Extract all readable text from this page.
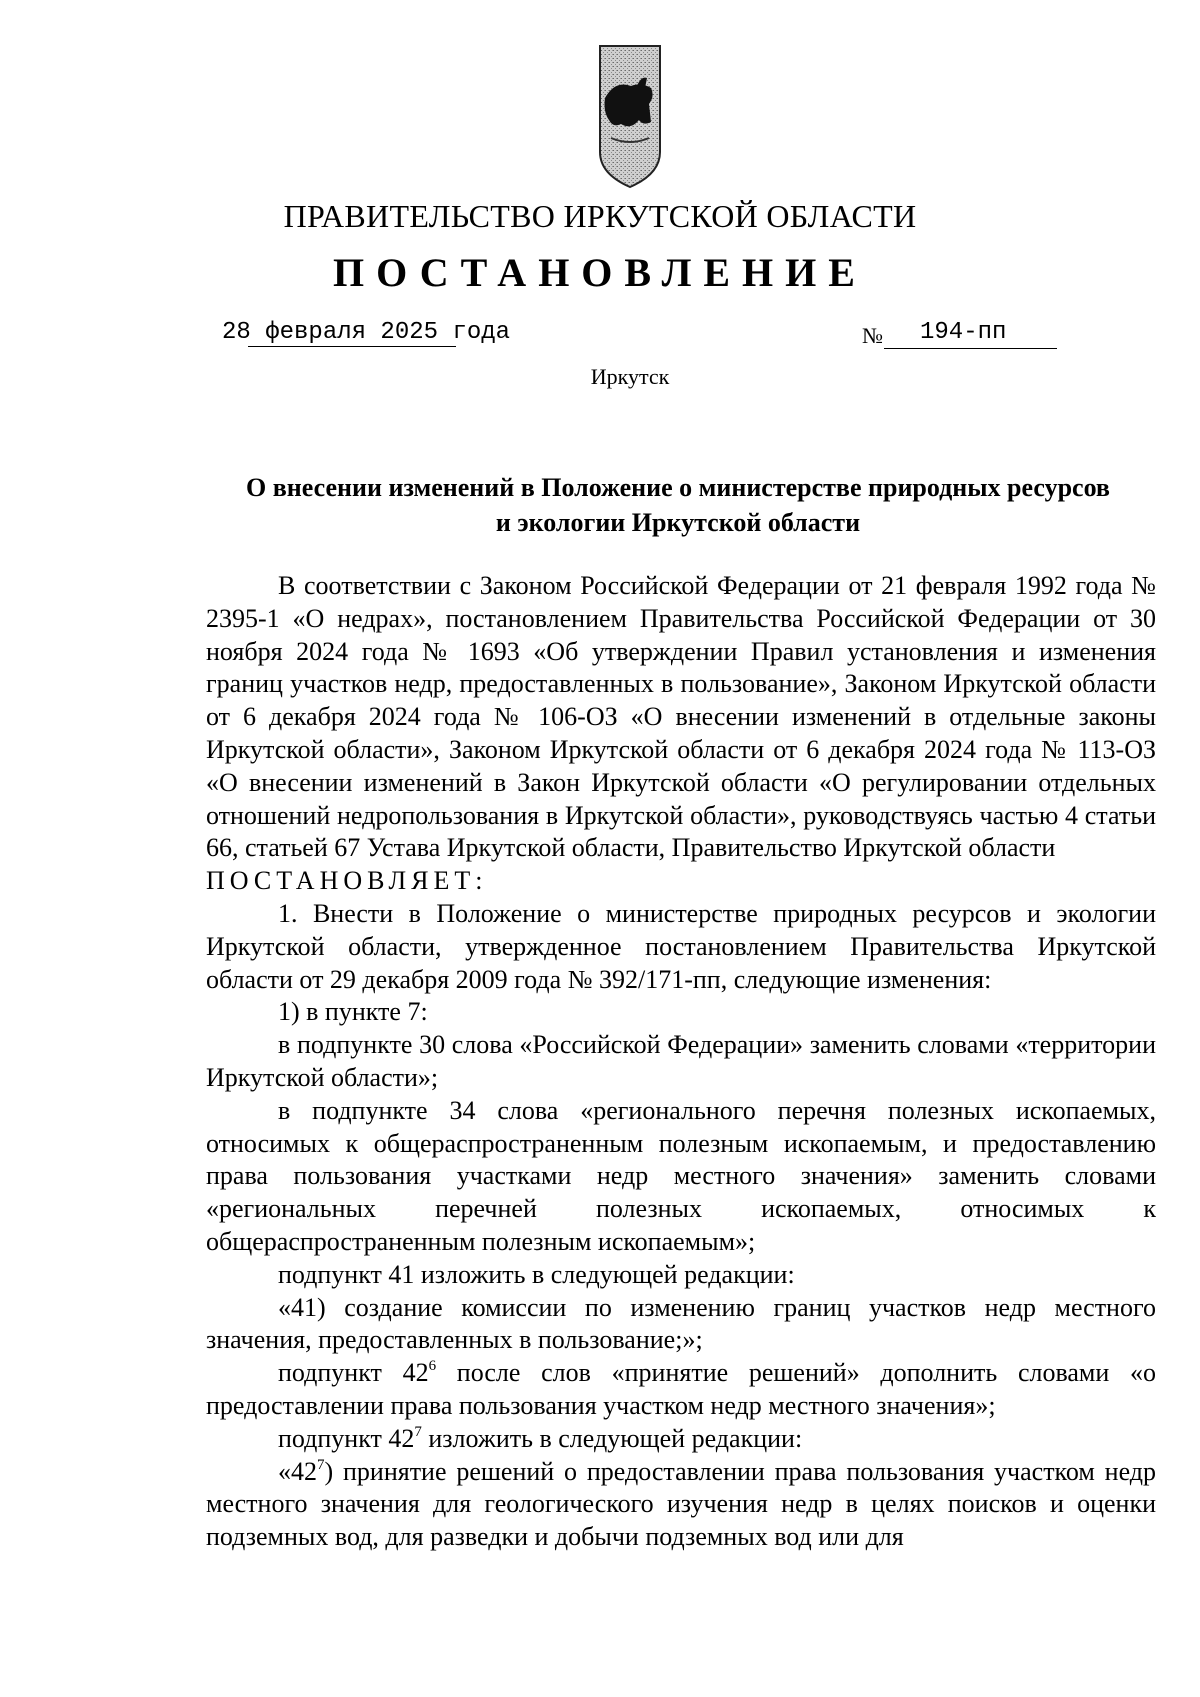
ПРАВИТЕЛЬСТВО ИРКУТСКОЙ ОБЛАСТИ
ПОСТАНОВЛЕНИЕ
28 февраля 2025 года	№ 194-пп
Иркутск
О внесении изменений в Положение о министерстве природных ресурсов
и экологии Иркутской области

В соответствии с Законом Российской Федерации от 21 февраля 1992 года № 2395-1 «О недрах», постановлением Правительства Российской Федерации от 30 ноября 2024 года № 1693 «Об утверждении Правил установления и изменения границ участков недр, предоставленных в пользование», Законом Иркутской области от 6 декабря 2024 года № 106-ОЗ «О внесении изменений в отдельные законы Иркутской области», Законом Иркутской области от 6 декабря 2024 года № 113-ОЗ «О внесении изменений в Закон Иркутской области «О регулировании отдельных отношений недропользования в Иркутской области», руководствуясь частью 4 статьи 66, статьей 67 Устава Иркутской области, Правительство Иркутской области

ПОСТАНОВЛЯЕТ:

1. Внести в Положение о министерстве природных ресурсов и экологии Иркутской области, утвержденное постановлением Правительства Иркутской области от 29 декабря 2009 года № 392/171-пп, следующие изменения:

1) в пункте 7:

в подпункте 30 слова «Российской Федерации» заменить словами «территории Иркутской области»;

в подпункте 34 слова «регионального перечня полезных ископаемых, относимых к общераспространенным полезным ископаемым, и предоставлению права пользования участками недр местного значения» заменить словами «региональных перечней полезных ископаемых, относимых к общераспространенным полезным ископаемым»;

подпункт 41 изложить в следующей редакции:

«41) создание комиссии по изменению границ участков недр местного значения, предоставленных в пользование;»;

подпункт $42^6$ после слов «принятие решений» дополнить словами «о предоставлении права пользования участком недр местного значения»;

подпункт $42^7$ изложить в следующей редакции:

«$42^7$) принятие решений о предоставлении права пользования участком недр местного значения для геологического изучения недр в целях поисков и оценки подземных вод, для разведки и добычи подземных вод или для
